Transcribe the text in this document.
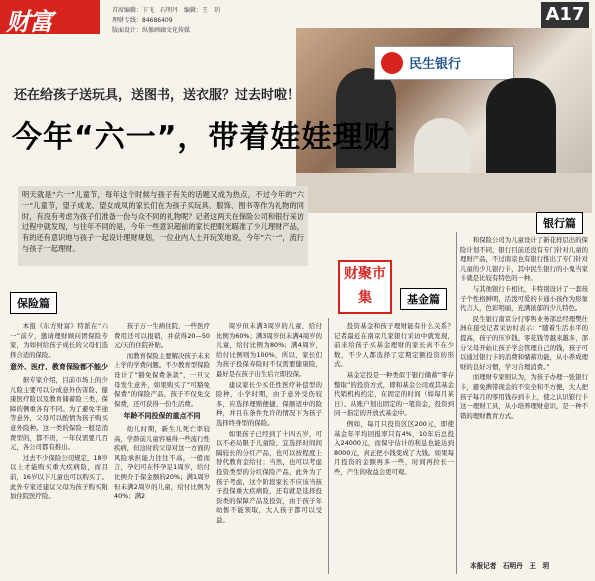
财富	首席编辑：卞飞　石明丹　编辑：王　玥
理财专线：84686409
版面设计：纵像画廊文化传媒
A17
民生银行
还在给孩子送玩具，送图书，送衣服？过去时啦！
今年“六一”，带着娃娃理财
明天就是“六一”儿童节，每年这个时候与孩子有关的话题又成为热点，不过今年的“六一”儿童节，望子成龙、望女成凤的家长们在为孩子买玩具、服饰、图书等作为礼物的同时，有没有考虑为孩子们准备一份与众不同的礼物呢？记者这两天在保险公司和银行采访过程中就发现，与往年不同的是，今年一些意识超前的家长把眼光瞄准了少儿理财产品，有的还有意识地与孩子一起设计理财规划，一位业内人士开玩笑地说，今年“六一”，流行与孩子一起理财。
银行篇
财聚市集
保险篇	基金篇
本报《东方财富》特派在“六一”前夕，邀请理财顾问团保险专家，为如何给孩子成长的父母们选择合适的保险。
意外、医疗、教育保险都不能少
据专家介绍，目前市场上的少儿险主要可以分成意外伤害险、健康医疗险以及教育储蓄险三类，保障的侧重各有不同。为了避免半途等意外，父母可以酌情为孩子购买意外险种。这一类的保险一般是消费型的，都不贵，一年仅需要几百元，各公司都有推出。
过去不少保险公司规定，18岁以上才能购买重大疾病险，而目前，16岁以下儿童也可以购买了。此外专家还建议父母为孩子购买附加住院医疗险。
孩子万一生病住院，一些医疗费用还可以报销，并获得20—50元/天的住院补贴。
而教育保险主要解决孩子未来上学的学费问题。不少教育型保险设计了“豁免保费条款”，一旦父母发生意外，如果购买了“可豁免保费”的保险产品，孩子不仅免交保费，还可获得一份生活费。
年龄不同投保的重点不同
幼儿时期，新生儿死亡率较高，学龄前儿童容易得一些流行性疾病，但这时的父母对这一方面的风险承担能力往往不高，一般而言，孕妇可在怀孕足1周岁，给付比例介于保金额的20%；满1周岁但未满2周岁的儿童，给付比例为40%；满2
周岁但未满3周岁的儿童，给付比例为60%；满3周岁但未满4周岁的儿童，给付比例为80%；满4周岁，给付比例则为100%，所以，家长们为孩子投保寿险时不仅需要健康险，最好是在孩子出生后立即投保。
建议家长少买任性医疗补偿型的险种，小学时期，由于意外受伤较多，应选择理赔便捷、保额适中的险种，并且在条件允许的情况下为孩子选择终身型的保险。
如果孩子已经到了十四五岁，可以不必局限于儿童险，宜选择时间间隔较长的分红产品，也可以按程度上替代教育金给付；当然，也可以考虑投资类型的分红保险产品，此外为了孩子考虑，这个阶段家长不应该当孩子投保重大疾病险，还有就是选择投资类的保障产品及投资，由于孩子年幼暂不能领取，大人孩子都可以受益。
投资基金和孩子理财能有什么关系？记者最近在南京几家银行采访中就发现，前来给孩子买基金理财的家长真不在少数，不少人都选择了定期定额投资的形式。
基金定投是一种类似于银行储蓄“零存整取”的投资方式，即和基金公司或其基金代销机构约定，在固定的时间（如每月某日）、从账户划出固定的一笔资金，投资到同一指定的开放式基金中。
例如，每月只投资区区200元，即使基金年平均回报率只有4%，10年后总投入24000元，而保守估计的利息也能达到8000元，真正把小钱变成了大钱。如果每月投资的金额再多一些，时间再拉长一些，产生的收益会更可观。
和保险公司为儿童设计了新花样层出的保险计划不同，银行目前还没有专门针对儿童的理财产品，不过南京也有银行推出了专门针对儿童的少儿银行卡，其中民生银行的小鬼当家卡就是比较有特色的一种。
与其他银行卡相比，卡特别设计了一套孩子个性格鲜明，活泼可爱的卡通小孩作为形象代言人，色彩明丽，充满浓郁的少儿特色。
民生银行南京分行零售业务部总经理樊仕洲在接受记者采访时表示：“随着生活水平的提高，孩子的压岁钱、零花钱等越来越多，部分父母开始让孩子学会管理自己的钱，孩子可以通过银行卡的消费和储蓄功能，从小养成理财的良好习惯，学习合理消费。”
而理财专家则认为，为孩子办理一张银行卡，避免携带现金的不安全和不方便，大人把孩子每月的零用钱存到卡上，使之认识银行卡这一理财工具，从小培养理财意识，是一种不错的理财教育方式。
本报记者　石明丹　王　玥
